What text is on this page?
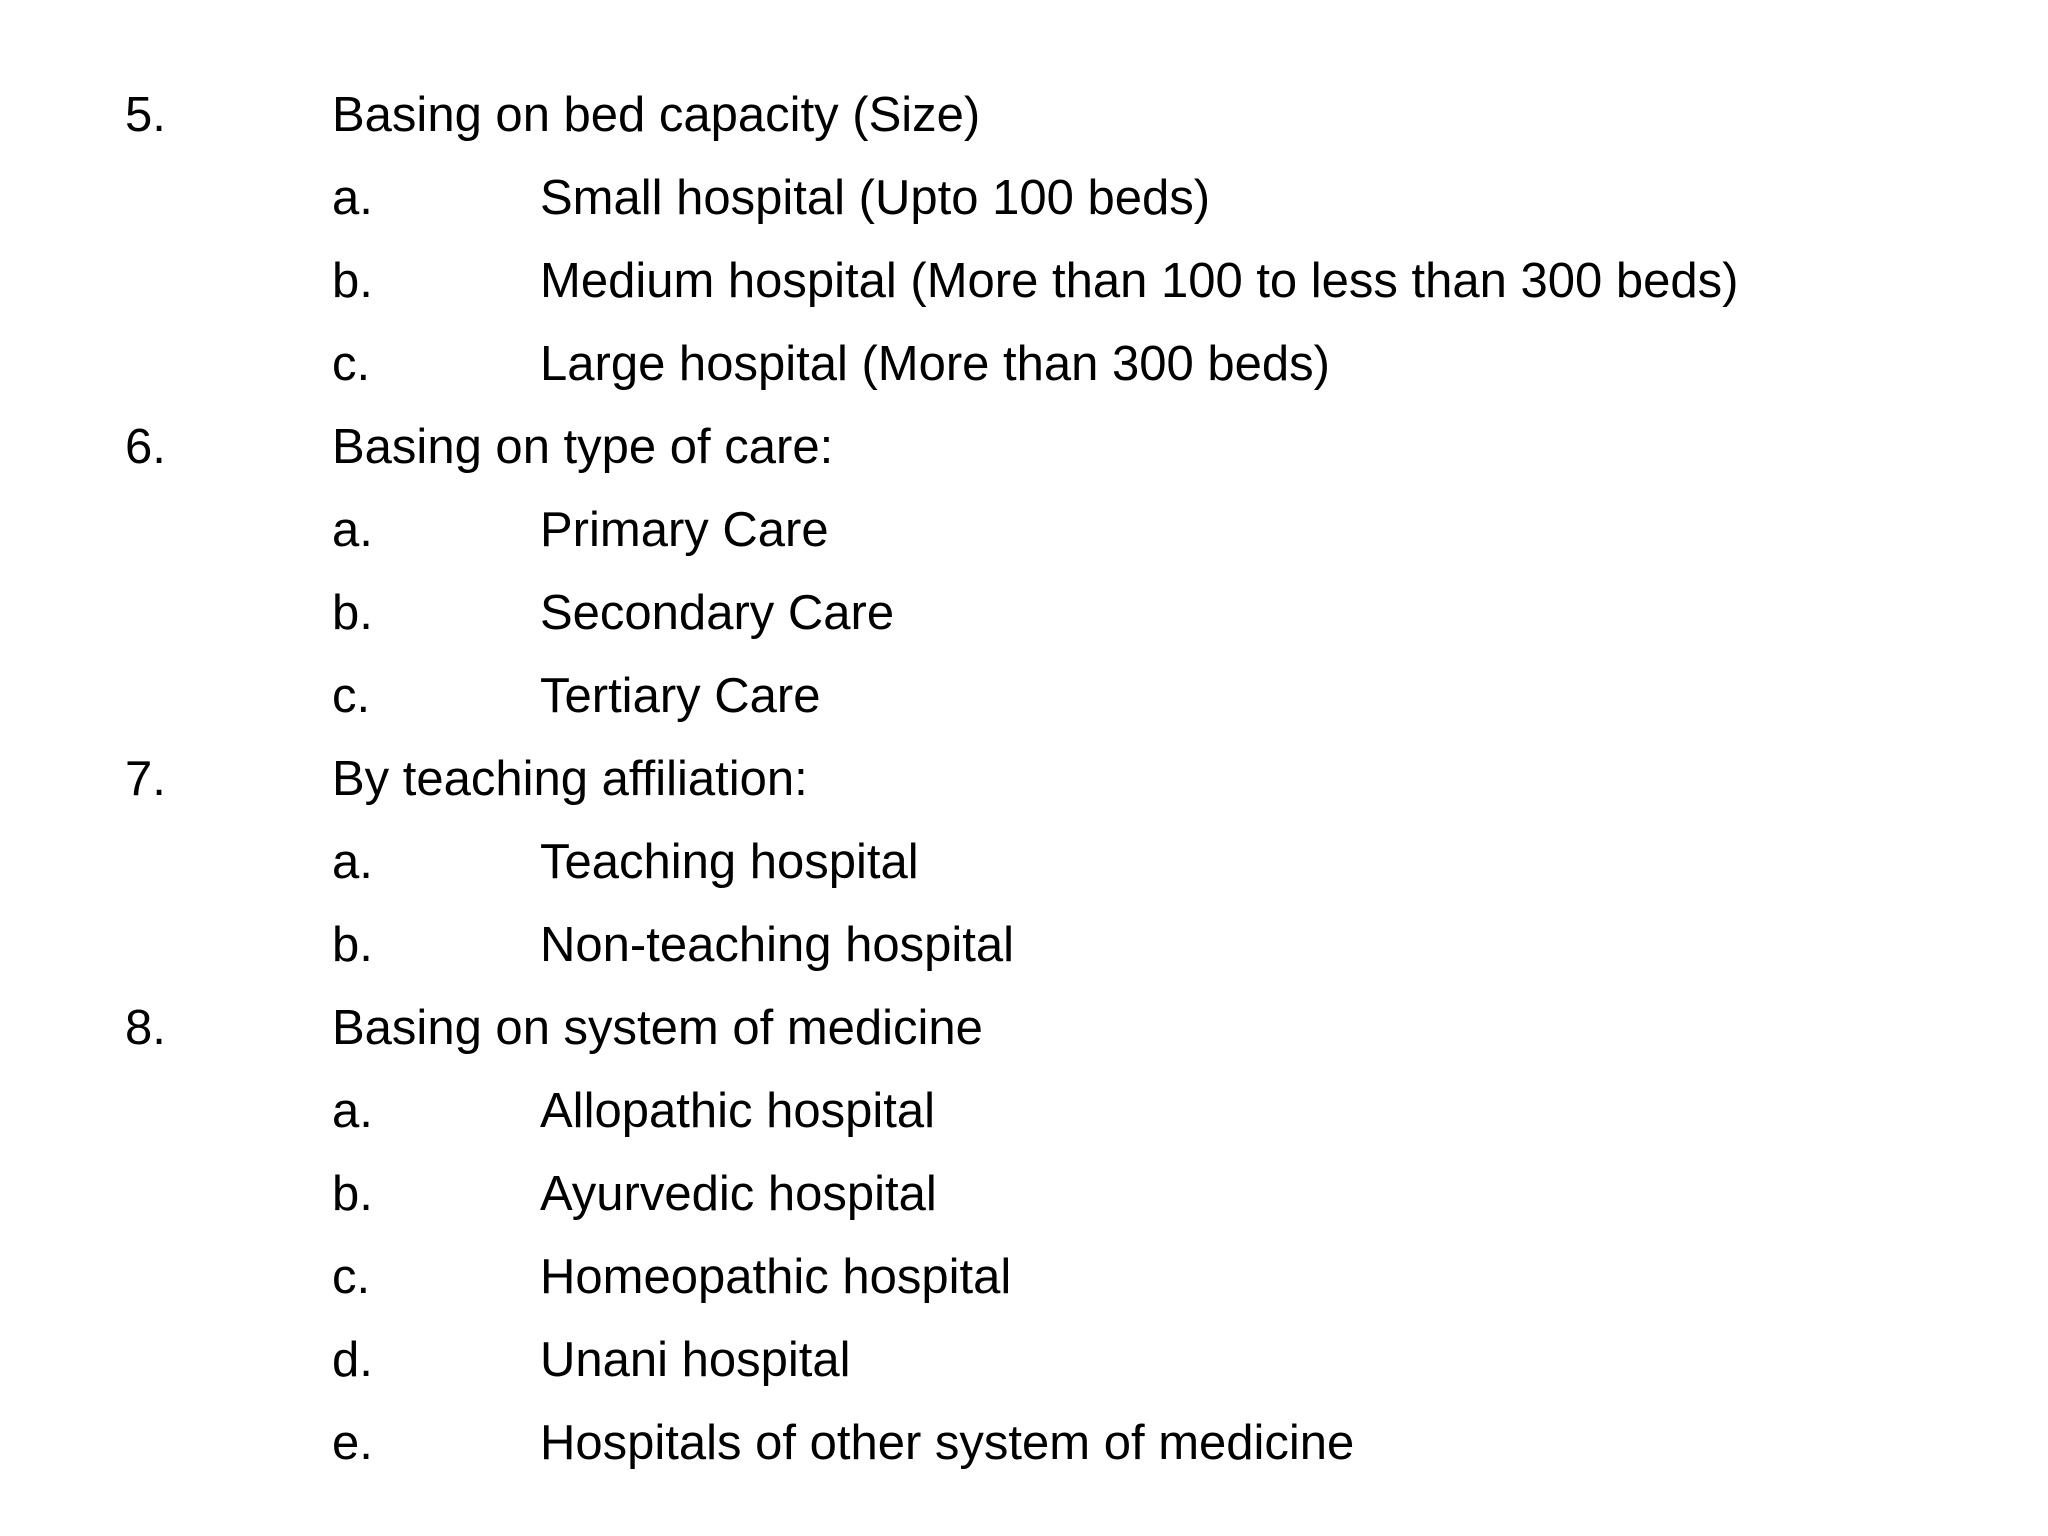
5.	Basing on bed capacity (Size)
a.	Small hospital (Upto 100 beds)
b.	Medium hospital (More than 100 to less than 300 beds)
c.	Large hospital (More than 300 beds)
6.	Basing on type of care:
a.	Primary Care
b.	Secondary Care
c.	Tertiary Care
7.	By teaching affiliation:
a.	Teaching hospital
b.	Non-teaching hospital
8.	Basing on system of medicine
a.	Allopathic hospital
b.	Ayurvedic hospital
c.	Homeopathic hospital
d.	Unani hospital
e.	Hospitals of other system of medicine
